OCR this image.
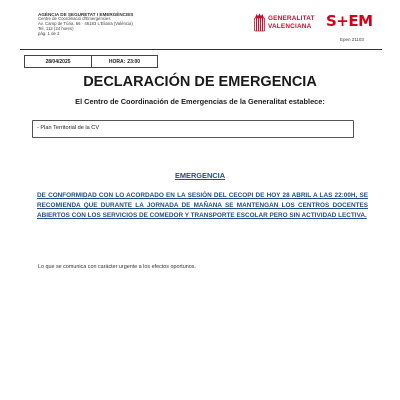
AGÈNCIA DE SEGURETAT I EMERGÈNCIES
Centre de Coordinació d'Emergències
Av. Camp de Túria, 66 · 46183 L'Eliana (València)
Tel. 112 (24 hores)
pàg. 1 de 2
GENERALITAT
VALENCIANA S+EM
Epen 21103
28/04/2025	HORA: 23:00
DECLARACIÓN DE EMERGENCIA
El Centro de Coordinación de Emergencias de la Generalitat establece:
- Plan Territorial de la CV
EMERGENCIA
DE CONFORMIDAD CON LO ACORDADO EN LA SESIÓN DEL CECOPI DE HOY 28 ABRIL A LAS 22:00H, SE RECOMIENDA QUE DURANTE LA JORNADA DE MAÑANA SE MANTENGAN LOS CENTROS DOCENTES ABIERTOS CON LOS SERVICIOS DE COMEDOR Y TRANSPORTE ESCOLAR PERO SIN ACTIVIDAD LECTIVA.
Lo que se comunica con carácter urgente a los efectos oportunos.
